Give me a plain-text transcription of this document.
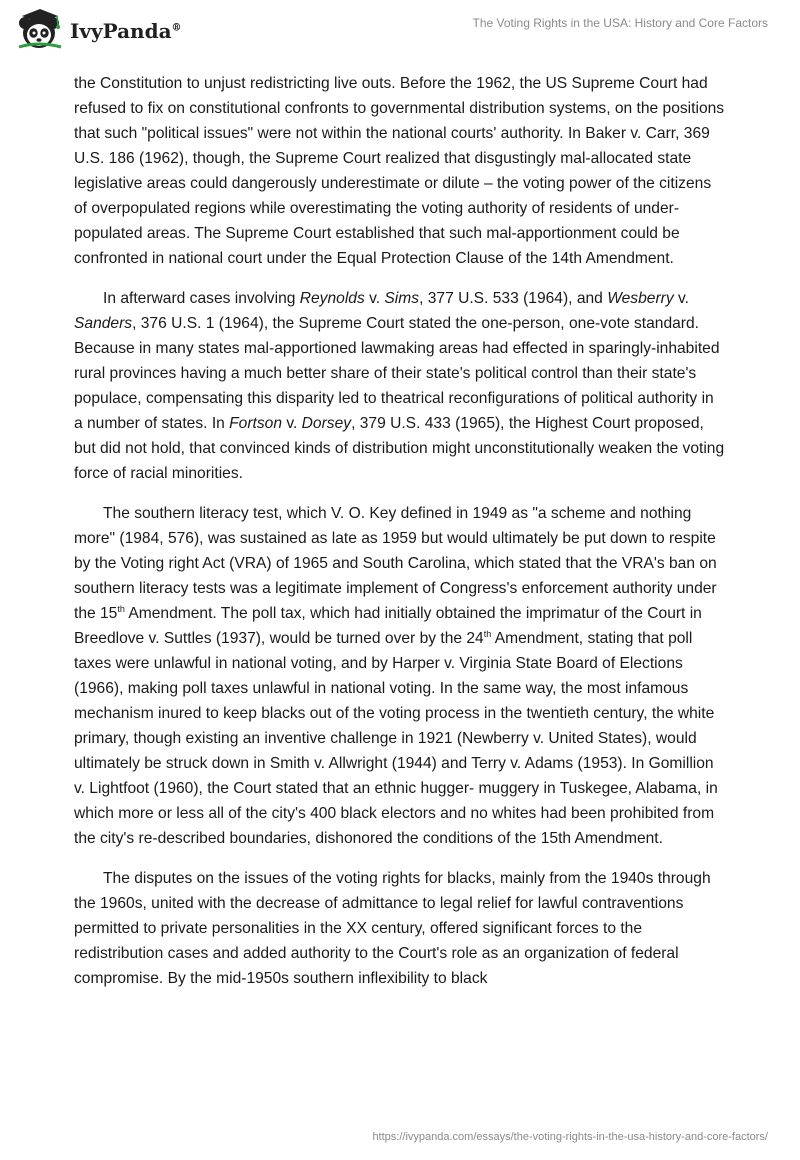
IvyPanda®	The Voting Rights in the USA: History and Core Factors

the Constitution to unjust redistricting live outs. Before the 1962, the US Supreme Court had refused to fix on constitutional confronts to governmental distribution systems, on the positions that such "political issues" were not within the national courts' authority. In Baker v. Carr, 369 U.S. 186 (1962), though, the Supreme Court realized that disgustingly mal-allocated state legislative areas could dangerously underestimate or dilute – the voting power of the citizens of overpopulated regions while overestimating the voting authority of residents of under-populated areas. The Supreme Court established that such mal-apportionment could be confronted in national court under the Equal Protection Clause of the 14th Amendment.

In afterward cases involving Reynolds v. Sims, 377 U.S. 533 (1964), and Wesberry v. Sanders, 376 U.S. 1 (1964), the Supreme Court stated the one-person, one-vote standard. Because in many states mal-apportioned lawmaking areas had effected in sparingly-inhabited rural provinces having a much better share of their state's political control than their state's populace, compensating this disparity led to theatrical reconfigurations of political authority in a number of states. In Fortson v. Dorsey, 379 U.S. 433 (1965), the Highest Court proposed, but did not hold, that convinced kinds of distribution might unconstitutionally weaken the voting force of racial minorities.

The southern literacy test, which V. O. Key defined in 1949 as "a scheme and nothing more" (1984, 576), was sustained as late as 1959 but would ultimately be put down to respite by the Voting right Act (VRA) of 1965 and South Carolina, which stated that the VRA's ban on southern literacy tests was a legitimate implement of Congress's enforcement authority under the 15th Amendment. The poll tax, which had initially obtained the imprimatur of the Court in Breedlove v. Suttles (1937), would be turned over by the 24th Amendment, stating that poll taxes were unlawful in national voting, and by Harper v. Virginia State Board of Elections (1966), making poll taxes unlawful in national voting. In the same way, the most infamous mechanism inured to keep blacks out of the voting process in the twentieth century, the white primary, though existing an inventive challenge in 1921 (Newberry v. United States), would ultimately be struck down in Smith v. Allwright (1944) and Terry v. Adams (1953). In Gomillion v. Lightfoot (1960), the Court stated that an ethnic hugger- muggery in Tuskegee, Alabama, in which more or less all of the city's 400 black electors and no whites had been prohibited from the city's re-described boundaries, dishonored the conditions of the 15th Amendment.

The disputes on the issues of the voting rights for blacks, mainly from the 1940s through the 1960s, united with the decrease of admittance to legal relief for lawful contraventions permitted to private personalities in the XX century, offered significant forces to the redistribution cases and added authority to the Court's role as an organization of federal compromise. By the mid-1950s southern inflexibility to black

https://ivypanda.com/essays/the-voting-rights-in-the-usa-history-and-core-factors/
